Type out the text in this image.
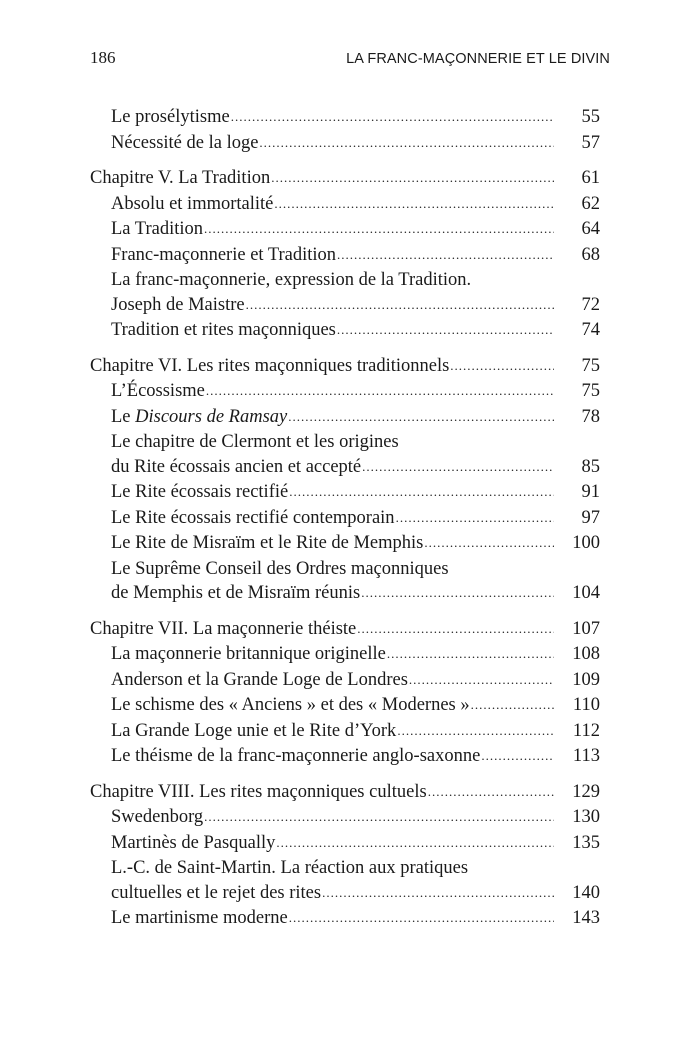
186	LA FRANC-MAÇONNERIE ET LE DIVIN
Le prosélytisme .....	55
Nécessité de la loge .....	57
Chapitre V. La Tradition .....	61
Absolu et immortalité .....	62
La Tradition .....	64
Franc-maçonnerie et Tradition .....	68
La franc-maçonnerie, expression de la Tradition.
Joseph de Maistre .....	72
Tradition et rites maçonniques .....	74
Chapitre VI. Les rites maçonniques traditionnels .....	75
L’Écossisme .....	75
Le Discours de Ramsay .....	78
Le chapitre de Clermont et les origines
du Rite écossais ancien et accepté .....	85
Le Rite écossais rectifié .....	91
Le Rite écossais rectifié contemporain .....	97
Le Rite de Misraïm et le Rite de Memphis .....	100
Le Suprême Conseil des Ordres maçonniques
de Memphis et de Misraïm réunis .....	104
Chapitre VII. La maçonnerie théiste .....	107
La maçonnerie britannique originelle .....	108
Anderson et la Grande Loge de Londres .....	109
Le schisme des « Anciens » et des « Modernes » .....	110
La Grande Loge unie et le Rite d’York .....	112
Le théisme de la franc-maçonnerie anglo-saxonne .....	113
Chapitre VIII. Les rites maçonniques cultuels .....	129
Swedenborg .....	130
Martinès de Pasqually .....	135
L.-C. de Saint-Martin. La réaction aux pratiques
cultuelles et le rejet des rites .....	140
Le martinisme moderne .....	143
